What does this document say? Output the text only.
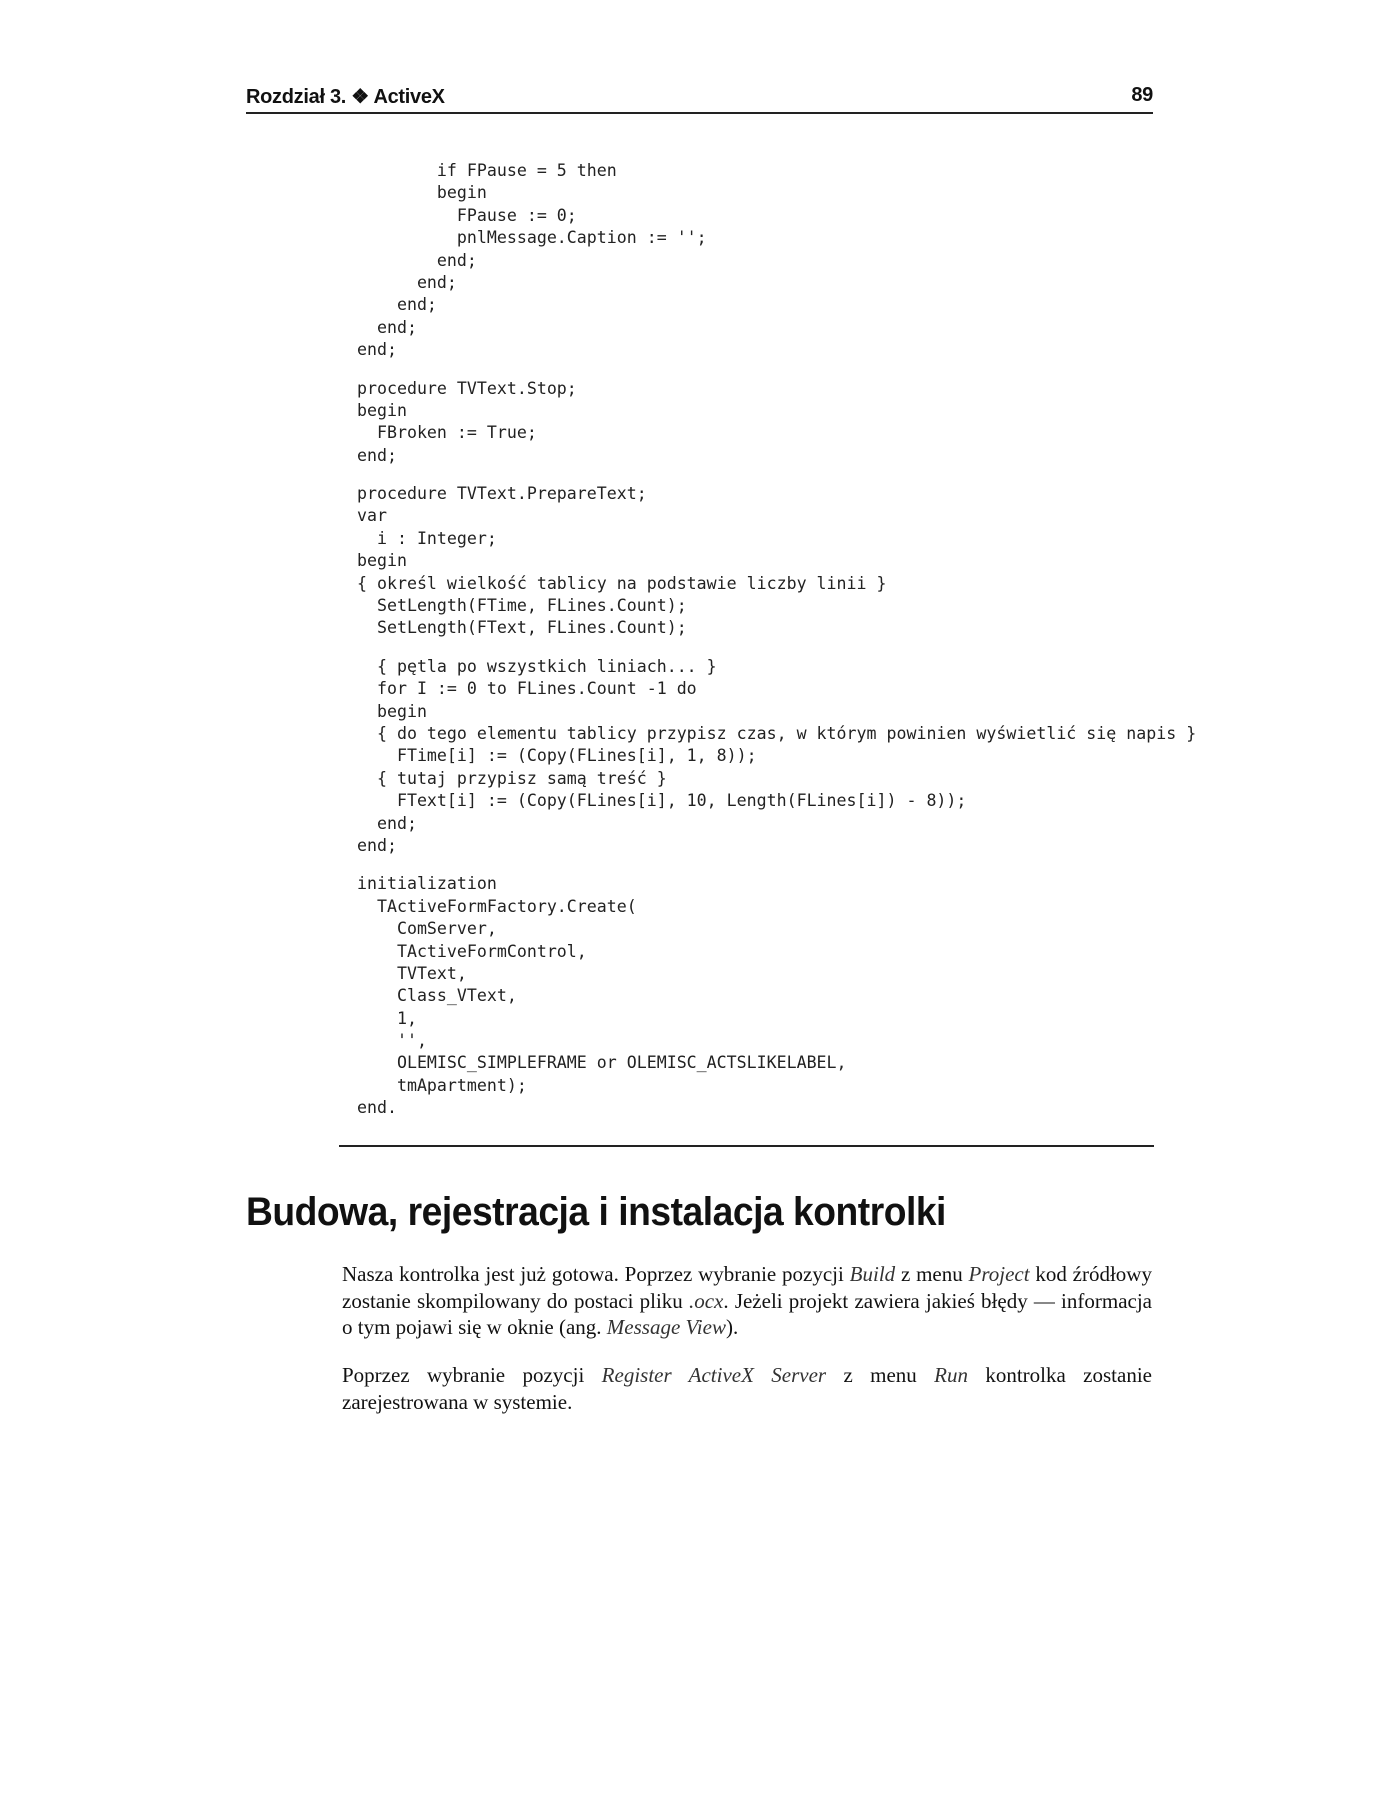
Rozdział 3. ❖ ActiveX	89
if FPause = 5 then
begin
FPause := 0;
pnlMessage.Caption := '';
end;
end;
end;
end;
end;
procedure TVText.Stop;
begin
FBroken := True;
end;
procedure TVText.PrepareText;
var
i : Integer;
begin
{ określ wielkość tablicy na podstawie liczby linii }
SetLength(FTime, FLines.Count);
SetLength(FText, FLines.Count);
{ pętla po wszystkich liniach... }
for I := 0 to FLines.Count -1 do
begin
{ do tego elementu tablicy przypisz czas, w którym powinien wyświetlić się napis }
FTime[i] := (Copy(FLines[i], 1, 8));
{ tutaj przypisz samą treść }
FText[i] := (Copy(FLines[i], 10, Length(FLines[i]) - 8));
end;
end;
initialization
TActiveFormFactory.Create(
ComServer,
TActiveFormControl,
TVText,
Class_VText,
1,
'',
OLEMISC_SIMPLEFRAME or OLEMISC_ACTSLIKELABEL,
tmApartment);
end.
Budowa, rejestracja i instalacja kontrolki

Nasza kontrolka jest już gotowa. Poprzez wybranie pozycji Build z menu Project kod źródłowy zostanie skompilowany do postaci pliku .ocx. Jeżeli projekt zawiera jakieś błędy — informacja o tym pojawi się w oknie (ang. Message View).

Poprzez wybranie pozycji Register ActiveX Server z menu Run kontrolka zostanie zarejestrowana w systemie.
